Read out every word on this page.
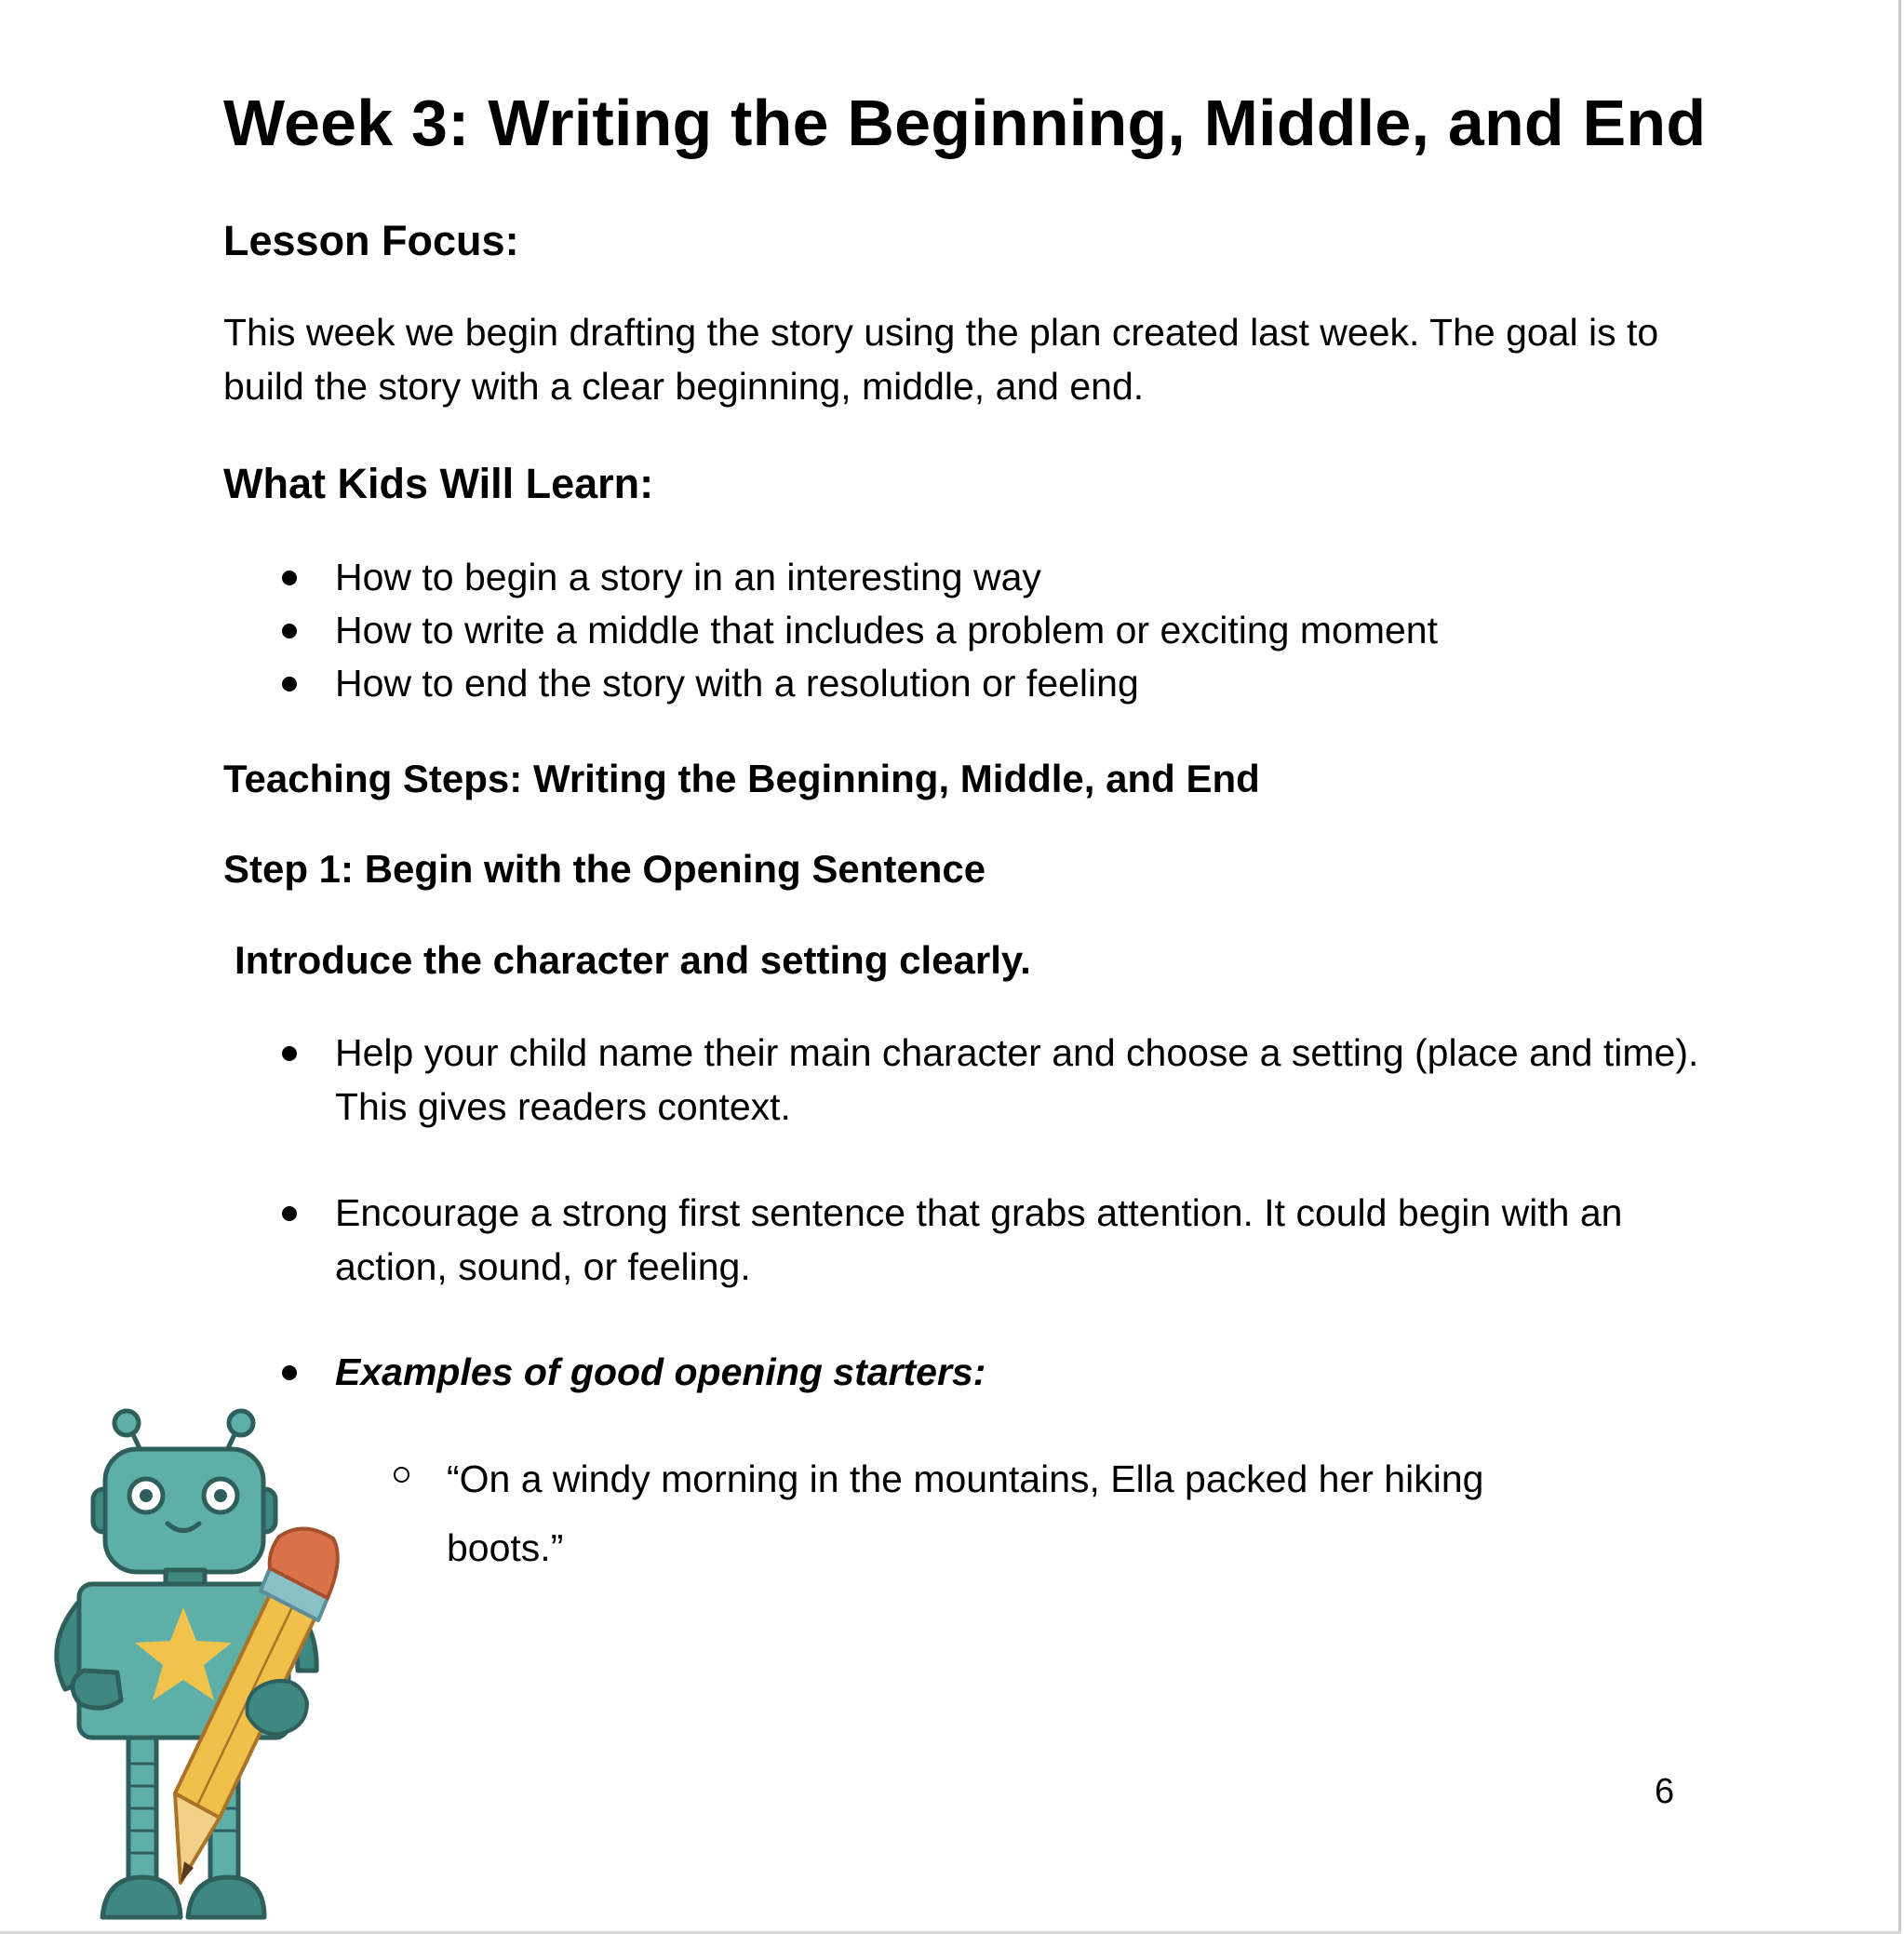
Week 3: Writing the Beginning, Middle, and End
Lesson Focus:

This week we begin drafting the story using the plan created last week. The goal is to build the story with a clear beginning, middle, and end.

What Kids Will Learn:
How to begin a story in an interesting way
How to write a middle that includes a problem or exciting moment
How to end the story with a resolution or feeling
Teaching Steps: Writing the Beginning, Middle, and End
Step 1: Begin with the Opening Sentence
Introduce the character and setting clearly.
Help your child name their main character and choose a setting (place and time). This gives readers context.
Encourage a strong first sentence that grabs attention. It could begin with an action, sound, or feeling.
Examples of good opening starters:
“On a windy morning in the mountains, Ella packed her hiking boots.”
6
